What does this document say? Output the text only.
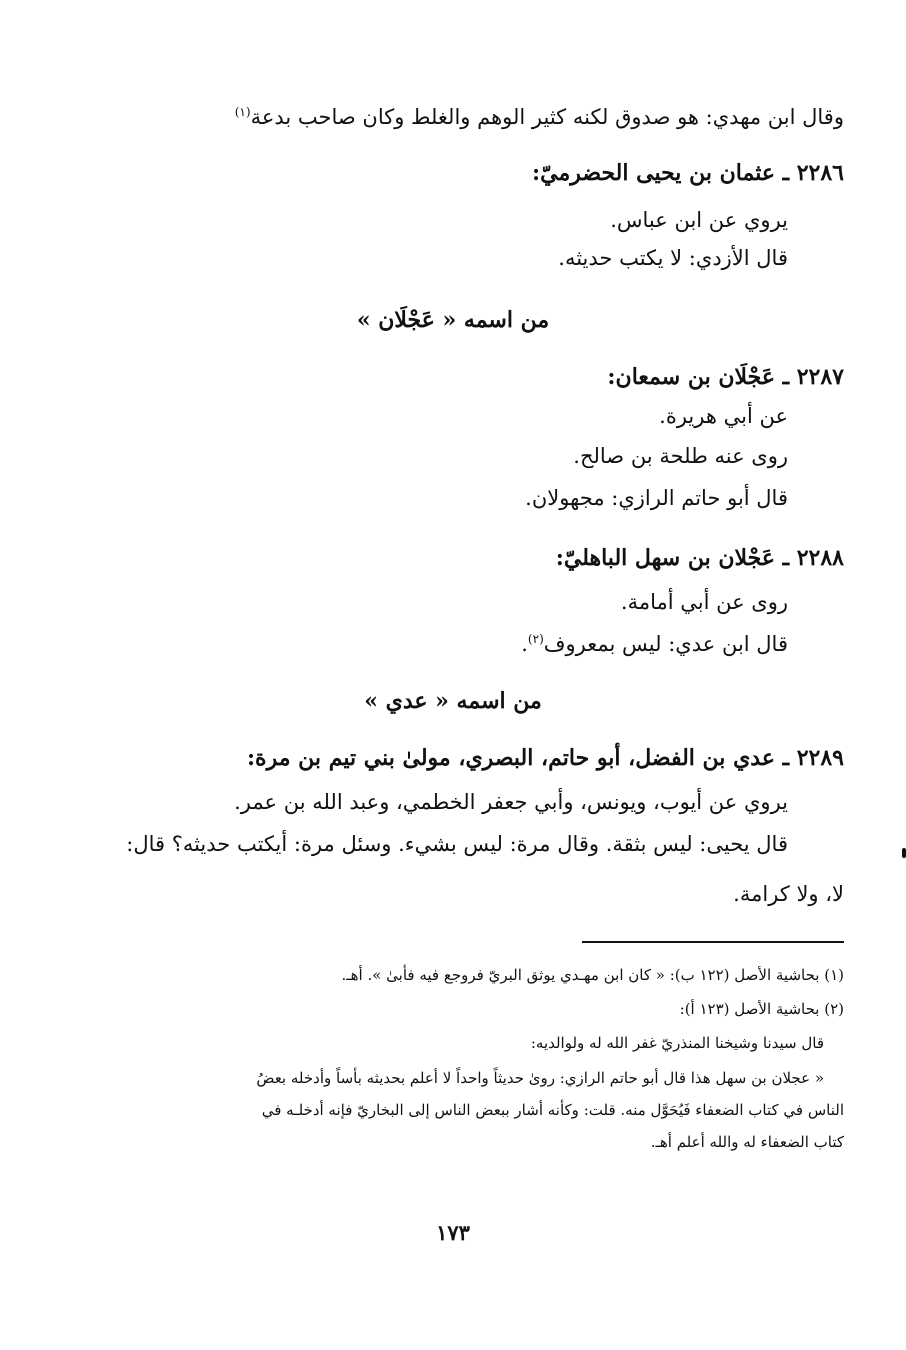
وقال ابن مهدي: هو صدوق لكنه كثير الوهم والغلط وكان صاحب بدعة$^{(١)}$
٢٢٨٦ ـ عثمان بن يحيى الحضرميّ:
يروي عن ابن عباس.
قال الأزدي: لا يكتب حديثه.
من اسمه « عَجْلَان »
٢٢٨٧ ـ عَجْلَان بن سمعان:
عن أبي هريرة.
روى عنه طلحة بن صالح.
قال أبو حاتم الرازي: مجهولان.
٢٢٨٨ ـ عَجْلان بن سهل الباهليّ:
روى عن أبي أمامة.
قال ابن عدي: ليس بمعروف$^{(٢)}$.
من اسمه « عدي »
٢٢٨٩ ـ عدي بن الفضل، أبو حاتم، البصري، مولىٰ بني تيم بن مرة:
يروي عن أيوب، ويونس، وأبي جعفر الخطمي، وعبد الله بن عمر.
قال يحيى: ليس بثقة. وقال مرة: ليس بشيء. وسئل مرة: أيكتب حديثه؟ قال:
لا، ولا كرامة.
(١) بحاشية الأصل (١٢٢ ب): « كان ابن مهـدي يوثق البريّ فروجع فيه فأبىٰ ». أهـ.
(٢) بحاشية الأصل (١٢٣ أ):
قال سيدنا وشيخنا المنذريّ غفر الله له ولوالديه:
« عجلان بن سهل هذا قال أبو حاتم الرازي: روىٰ حديثاً واحداً لا أعلم بحديثه بأساً وأدخله بعضُ
الناس في كتاب الضعفاء فَيُحَوَّل منه. قلت: وكأنه أشار ببعض الناس إلى البخاريّ فإنه أدخلـه في
كتاب الضعفاء له والله أعلم أهـ.
١٧٣
